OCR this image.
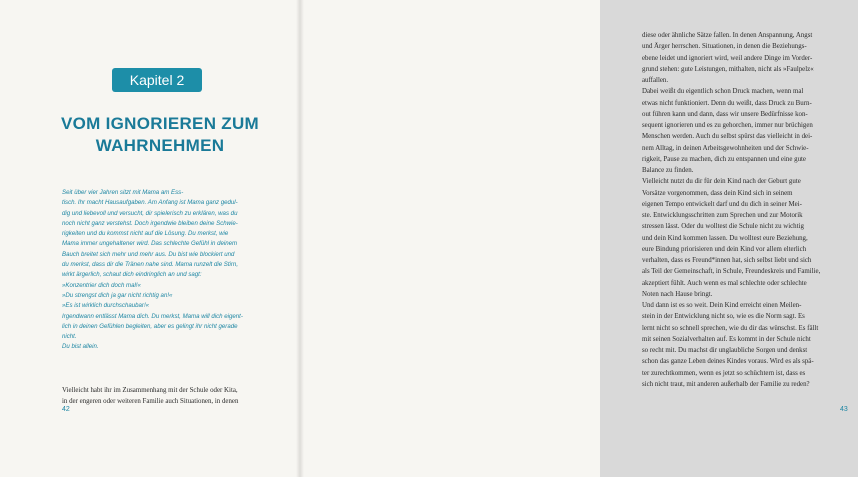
Kapitel 2
VOM IGNORIEREN ZUM
WAHRNEHMEN

Seit über vier Jahren sitzt mit Mama am Ess-
tisch. Ihr macht Hausaufgaben. Am Anfang ist Mama ganz gedul-
dig und liebevoll und versucht, dir spielerisch zu erklären, was du
noch nicht ganz verstehst. Doch irgendwie bleiben deine Schwie-
rigkeiten und du kommst nicht auf die Lösung. Du merkst, wie
Mama immer ungehaltener wird. Das schlechte Gefühl in deinem
Bauch breitet sich mehr und mehr aus. Du bist wie blockiert und
du merkst, dass dir die Tränen nahe sind. Mama runzelt die Stirn,
wirkt ärgerlich, schaut dich eindringlich an und sagt:
»Konzentrier dich doch mal!«
»Du strengst dich ja gar nicht richtig an!«
»Es ist wirklich durchschaubar!«
Irgendwann entlässt Mama dich. Du merkst, Mama will dich eigent-
lich in deinen Gefühlen begleiten, aber es gelingt ihr nicht gerade
nicht.
Du bist allein.

Vielleicht habt ihr im Zusammenhang mit der Schule oder Kita,
in der engeren oder weiteren Familie auch Situationen, in denen

42

diese oder ähnliche Sätze fallen. In denen Anspannung, Angst
und Ärger herrschen. Situationen, in denen die Beziehungs-
ebene leidet und ignoriert wird, weil andere Dinge im Vorder-
grund stehen: gute Leistungen, mithalten, nicht als »Faulpelz«
auffallen.
Dabei weißt du eigentlich schon Druck machen, wenn mal
etwas nicht funktioniert. Denn du weißt, dass Druck zu Burn-
out führen kann und dann, dass wir unsere Bedürfnisse kon-
sequent ignorieren und es zu gehorchen, immer nur brüchigen
Menschen werden. Auch du selbst spürst das vielleicht in dei-
nem Alltag, in deinen Arbeitsgewohnheiten und der Schwie-
rigkeit, Pause zu machen, dich zu entspannen und eine gute
Balance zu finden.
Vielleicht nutzt du dir für dein Kind nach der Geburt gute
Vorsätze vorgenommen, dass dein Kind sich in seinem
eigenen Tempo entwickelt darf und du dich in seiner Mei-
ste. Entwicklungsschritten zum Sprechen und zur Motorik
stressen lässt. Oder du wolltest die Schule nicht zu wichtig
und dein Kind kommen lassen. Du wolltest eure Beziehung,
eure Bindung priorisieren und dein Kind vor allem elterlich
verhalten, dass es Freund*innen hat, sich selbst liebt und sich
als Teil der Gemeinschaft, in Schule, Freundeskreis und Familie,
akzeptiert fühlt. Auch wenn es mal schlechte oder schlechte
Noten nach Hause bringt.
Und dann ist es so weit. Dein Kind erreicht einen Meilen-
stein in der Entwicklung nicht so, wie es die Norm sagt. Es
lernt nicht so schnell sprechen, wie du dir das wünschst. Es fällt
mit seinen Sozialverhalten auf. Es kommt in der Schule nicht
so recht mit. Du machst dir unglaubliche Sorgen und denkst
schon das ganze Leben deines Kindes voraus. Wird es als spä-
ter zurechtkommen, wenn es jetzt so schüchtern ist, dass es
sich nicht traut, mit anderen außerhalb der Familie zu reden?

43
